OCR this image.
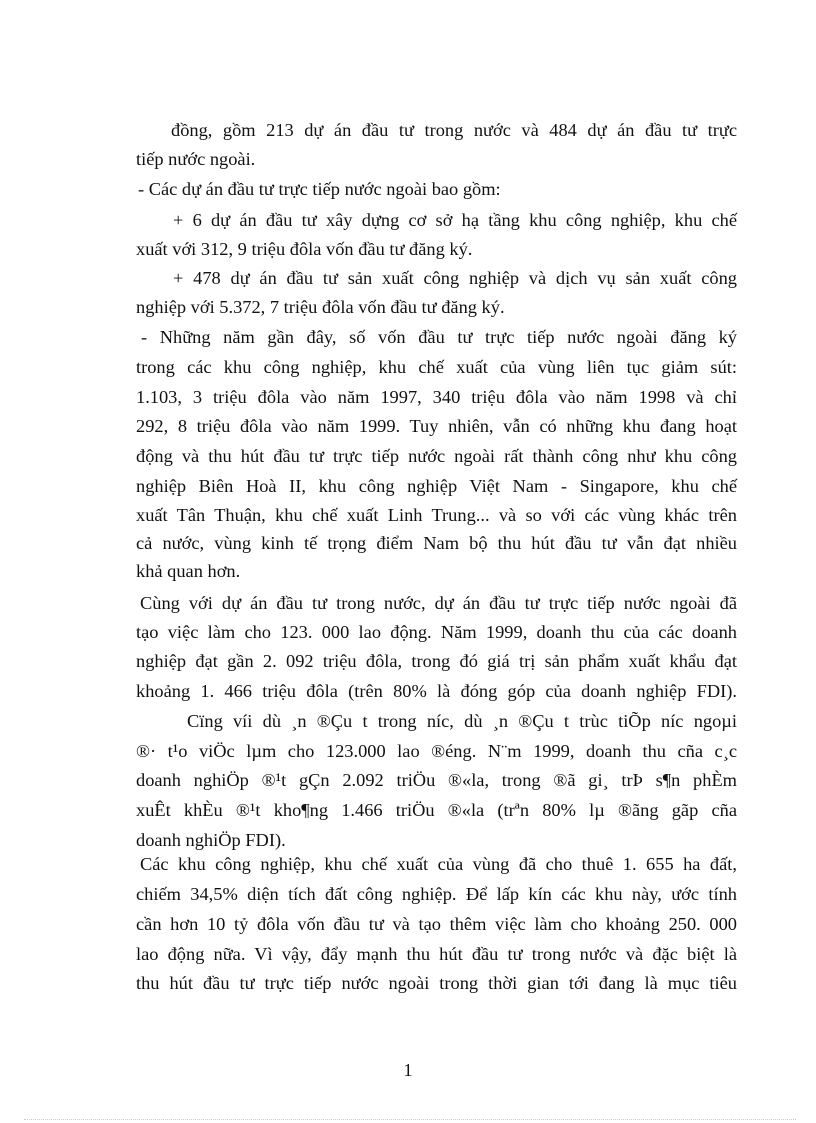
đồng, gồm 213 dự án đầu tư trong nước và 484 dự án đầu tư trực
tiếp nước ngoài.
- Các dự án đầu tư trực tiếp nước ngoài bao gồm:
+ 6 dự án đầu tư xây dựng cơ sở hạ tầng khu công nghiệp, khu chế
xuất với 312, 9 triệu đôla vốn đầu tư đăng ký.
+ 478 dự án đầu tư sản xuất công nghiệp và dịch vụ sản xuất công
nghiệp với 5.372, 7 triệu đôla vốn đầu tư đăng ký.
- Những năm gần đây, số vốn đầu tư trực tiếp nước ngoài đăng ký
trong các khu công nghiệp, khu chế xuất của vùng liên tục giảm sút:
1.103, 3 triệu đôla vào năm 1997, 340 triệu đôla vào năm 1998 và chỉ
292, 8 triệu đôla vào năm 1999. Tuy nhiên, vẫn có những khu đang hoạt
động và thu hút đầu tư trực tiếp nước ngoài rất thành công như khu công
nghiệp Biên Hoà II, khu công nghiệp Việt Nam - Singapore, khu chế
xuất Tân Thuận, khu chế xuất Linh Trung... và so với các vùng khác trên
cả nước, vùng kinh tế trọng điểm Nam bộ thu hút đầu tư vẫn đạt nhiều
khả quan hơn.
Cùng với dự án đầu tư trong nước, dự án đầu tư trực tiếp nước ngoài đã
tạo việc làm cho 123. 000 lao động. Năm 1999, doanh thu của các doanh
nghiệp đạt gần 2. 092 triệu đôla, trong đó giá trị sản phẩm xuất khẩu đạt
khoảng 1. 466 triệu đôla (trên 80% là đóng góp của doanh nghiệp FDI).
Cïng víi dù ¸n ®Çu t trong níc, dù ¸n ®Çu t trùc tiÕp níc ngoµi
®· t¹o viÖc lµm cho 123.000 lao ®éng. N¨m 1999, doanh thu cña c¸c
doanh nghiÖp ®¹t gÇn 2.092 triÖu ®«la, trong ®ã gi¸ trÞ s¶n phÈm
xuÊt khÈu ®¹t kho¶ng 1.466 triÖu ®«la (trªn 80% lµ ®ãng gãp cña
doanh nghiÖp FDI).
Các khu công nghiệp, khu chế xuất của vùng đã cho thuê 1. 655 ha đất,
chiếm 34,5% diện tích đất công nghiệp. Để lấp kín các khu này, ước tính
cần hơn 10 tỷ đôla vốn đầu tư và tạo thêm việc làm cho khoảng 250. 000
lao động nữa. Vì vậy, đẩy mạnh thu hút đầu tư trong nước và đặc biệt là
thu hút đầu tư trực tiếp nước ngoài trong thời gian tới đang là mục tiêu
1
